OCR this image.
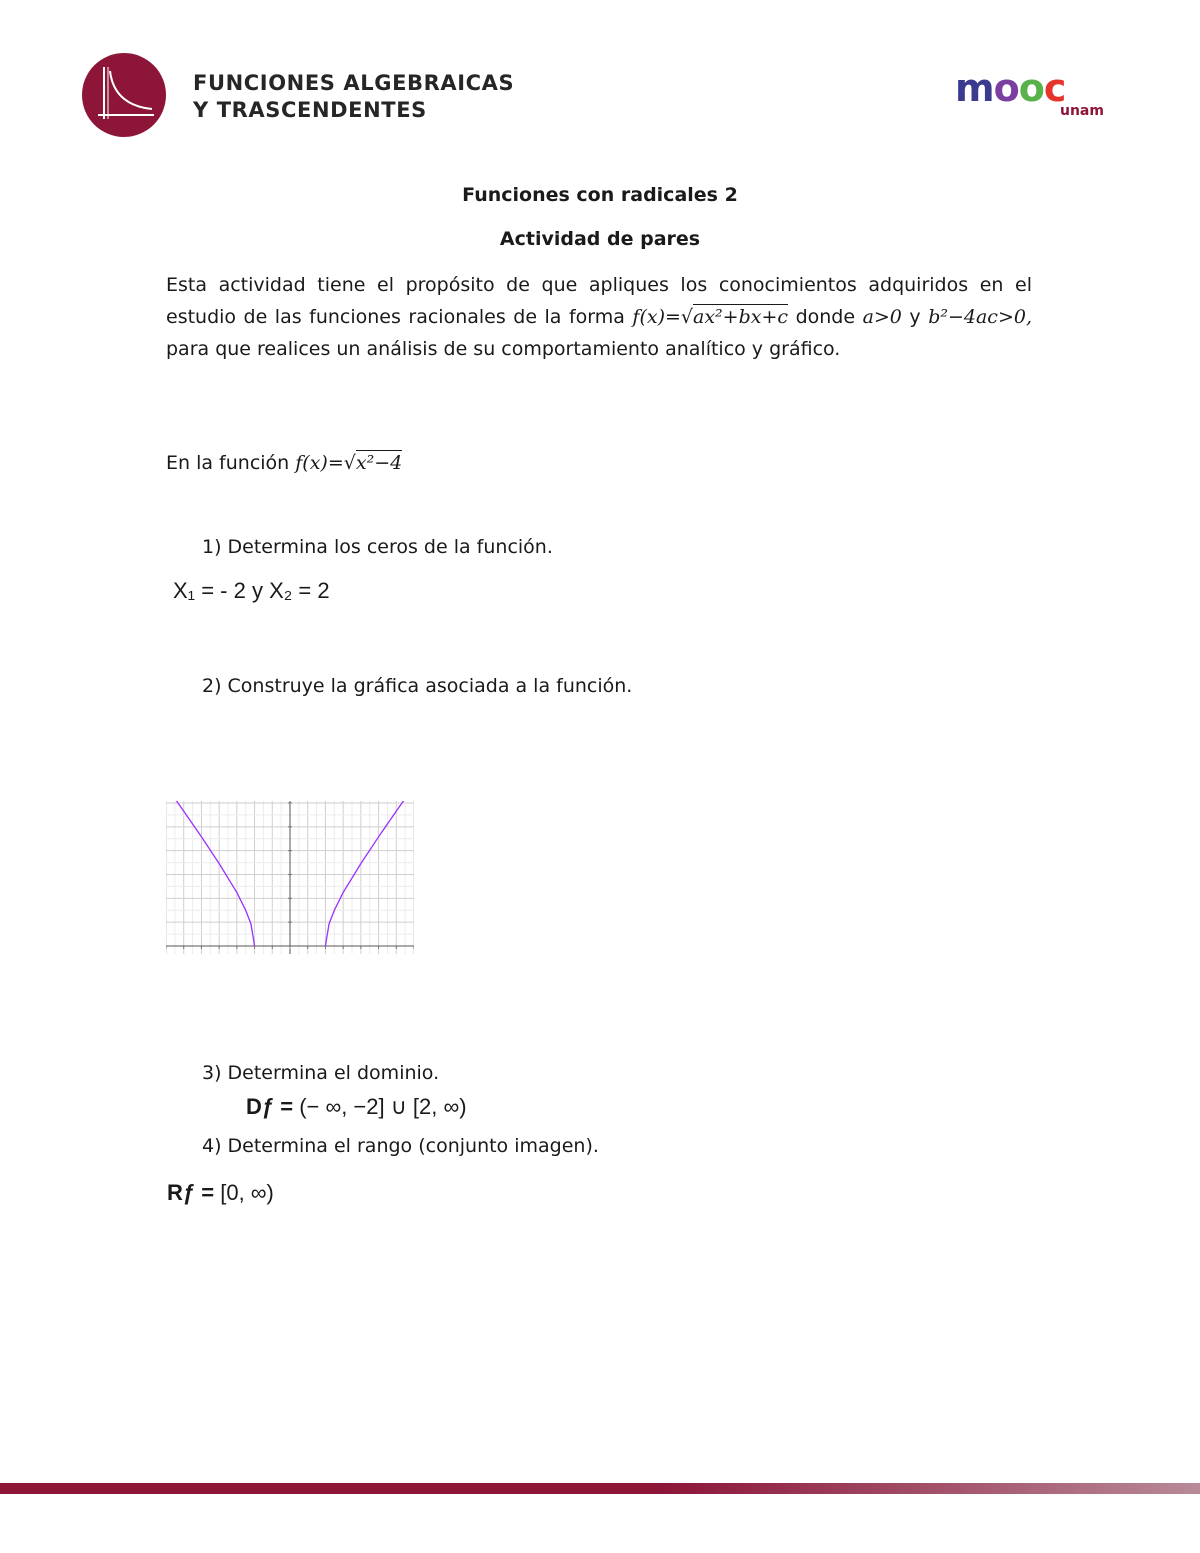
FUNCIONES ALGEBRAICAS
Y TRASCENDENTES	mooc
unam
Funciones con radicales 2
Actividad de pares
Esta actividad tiene el propósito de que apliques los conocimientos adquiridos en el estudio de las funciones racionales de la forma f(x)=√ax²+bx+c donde a>0 y b²−4ac>0, para que realices un análisis de su comportamiento analítico y gráfico.
En la función f(x)=√x²−4
1) Determina los ceros de la función.
X₁ = - 2 y X₂ = 2
2) Construye la gráfica asociada a la función.
3) Determina el dominio.
Dƒ = (− ∞, −2] ∪ [2, ∞)
4) Determina el rango (conjunto imagen).
Rƒ = [0, ∞)
